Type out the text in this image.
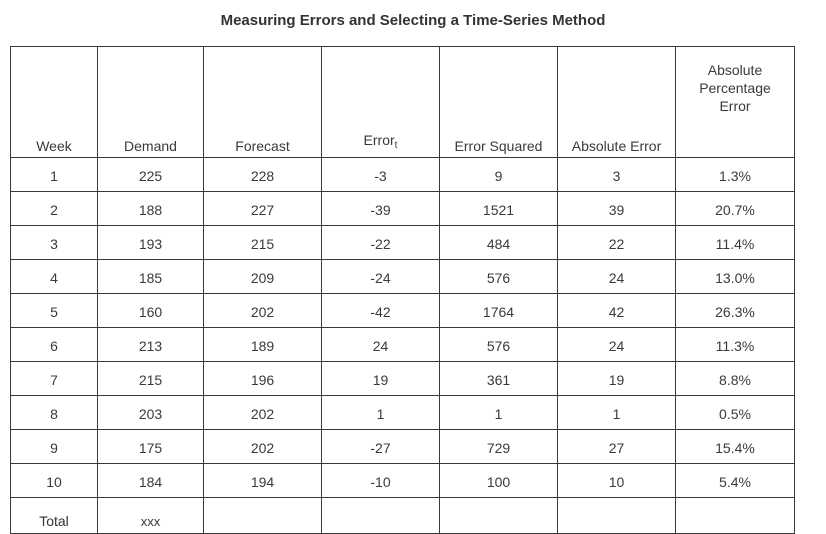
Measuring Errors and Selecting a Time-Series Method
Week	Demand	Forecast	Error$_t$	Error Squared	Absolute Error	Absolute
Percentage
Error

1	225	228	-3	9	3	1.3%
2	188	227	-39	1521	39	20.7%
3	193	215	-22	484	22	11.4%
4	185	209	-24	576	24	13.0%
5	160	202	-42	1764	42	26.3%
6	213	189	24	576	24	11.3%
7	215	196	19	361	19	8.8%
8	203	202	1	1	1	0.5%
9	175	202	-27	729	27	15.4%
10	184	194	-10	100	10	5.4%
Total	xxx					
